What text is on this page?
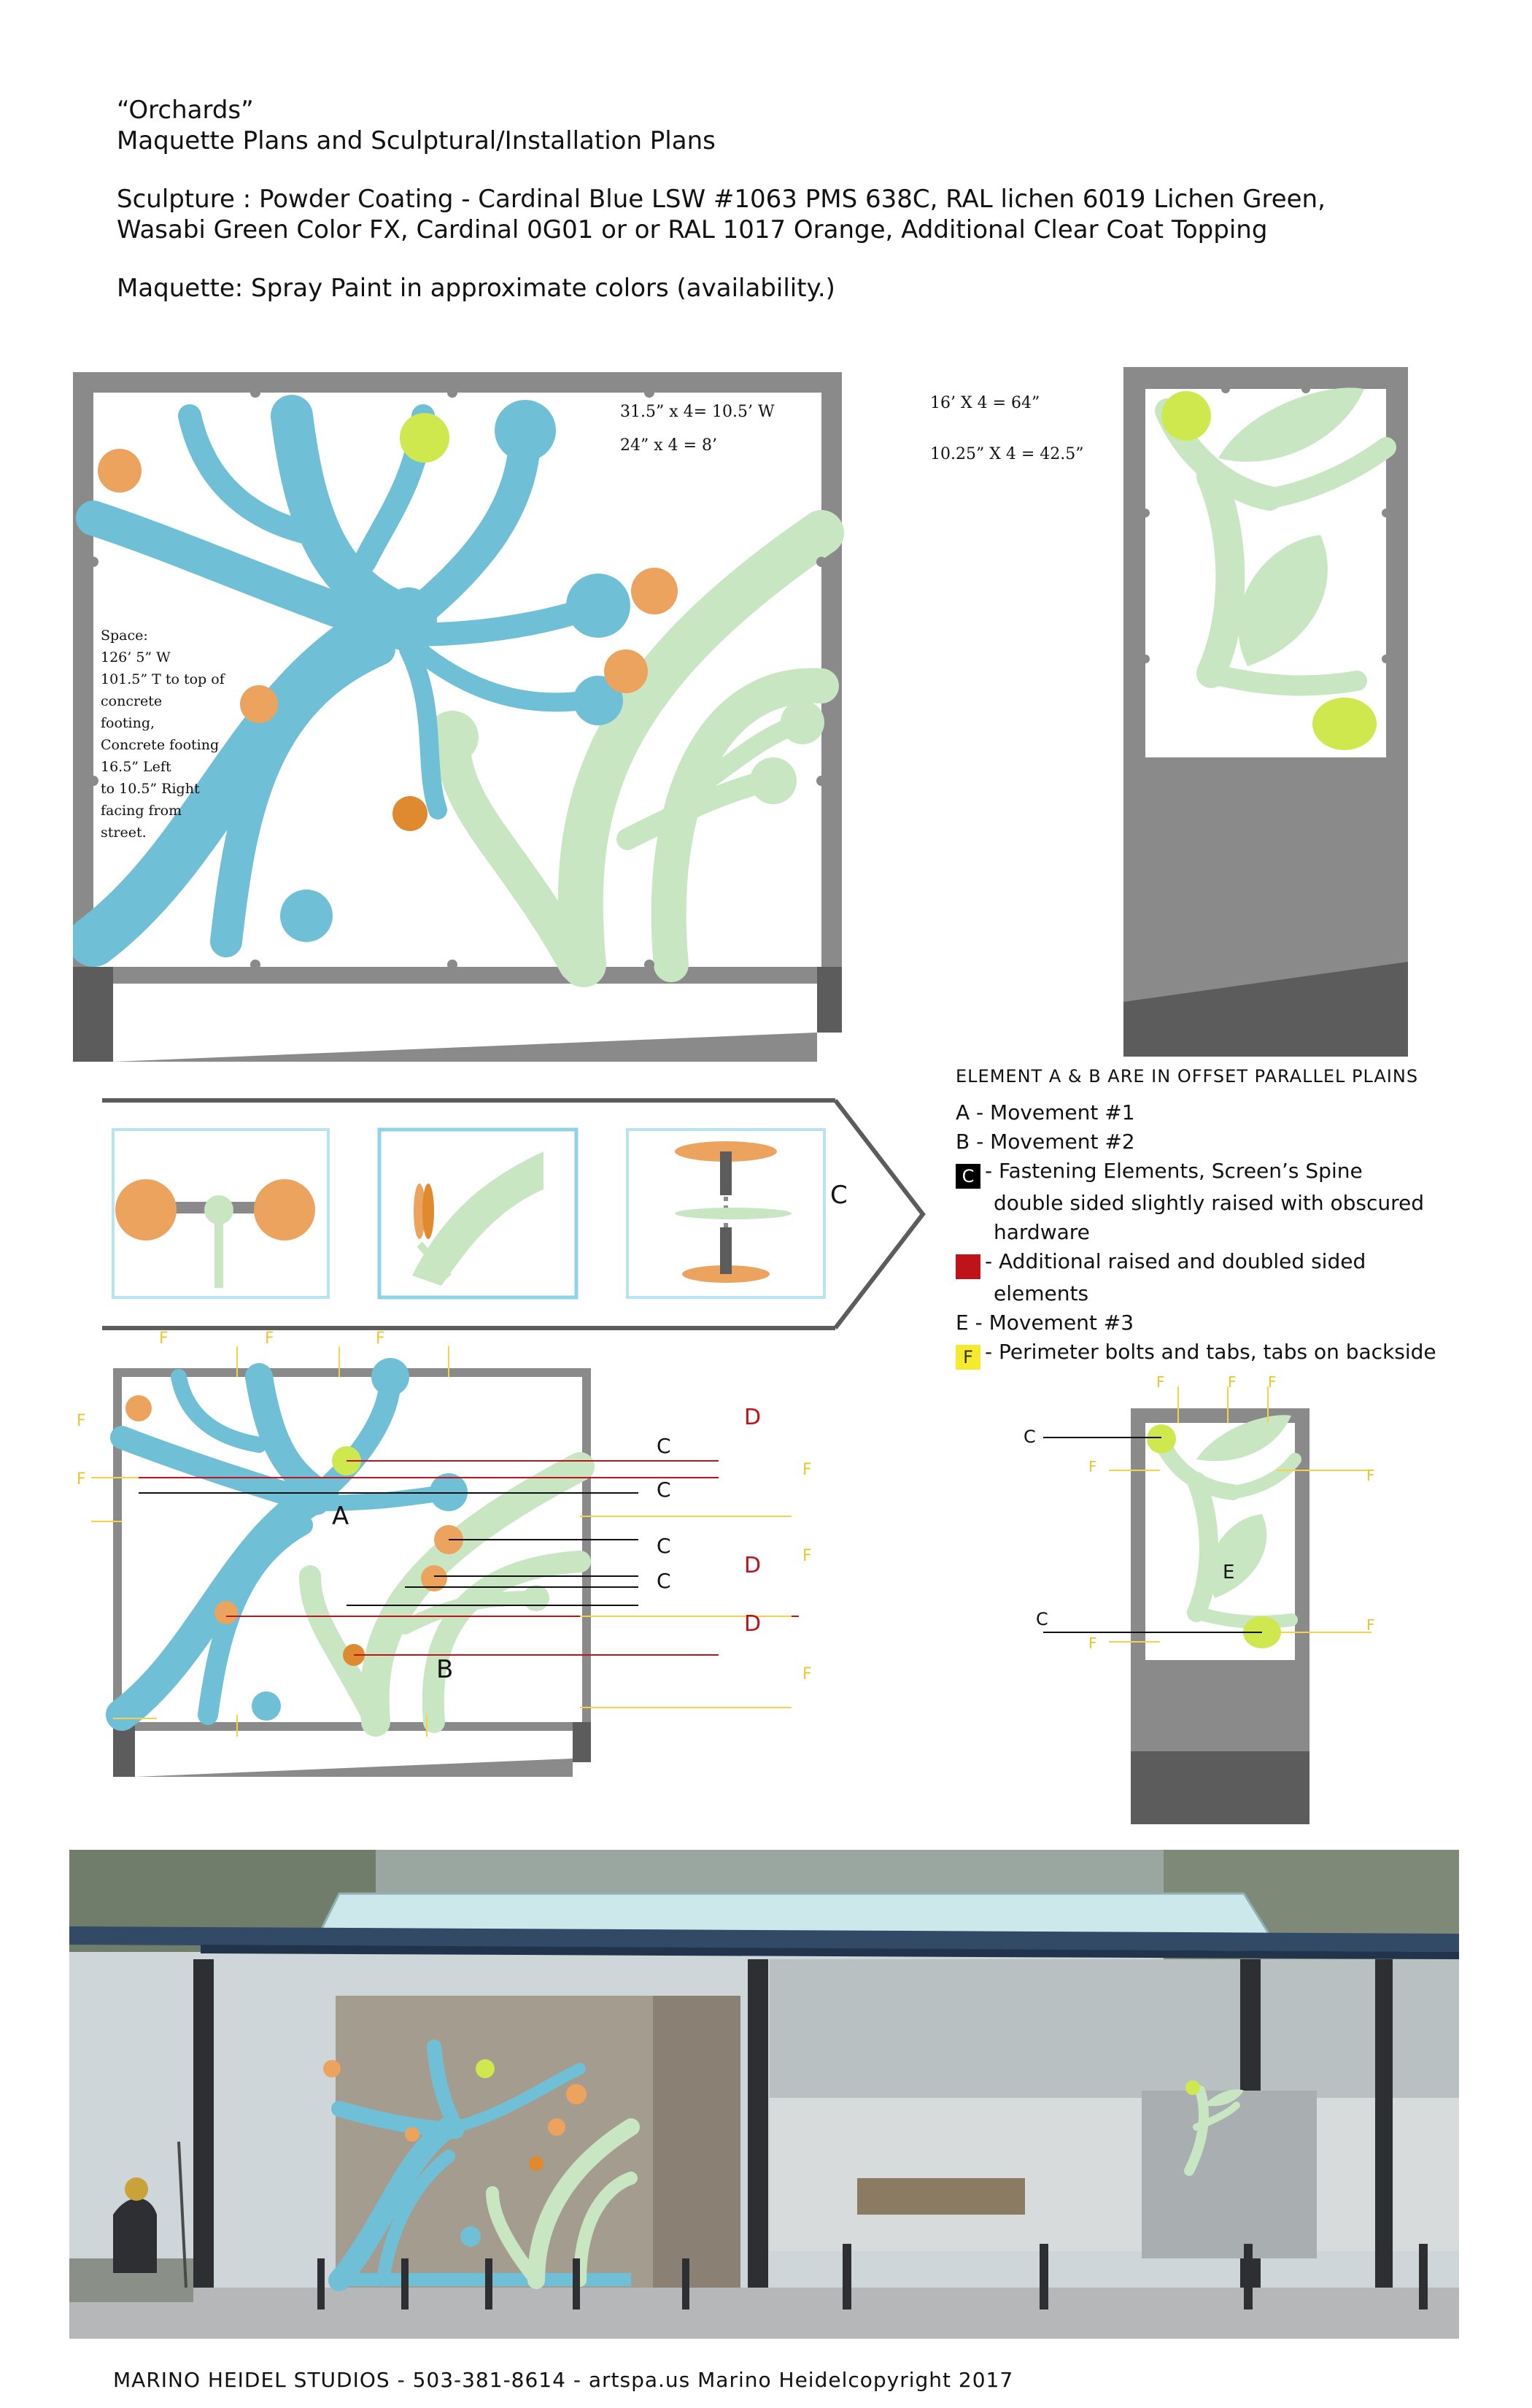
“Orchards”
Maquette Plans and Sculptural/Installation Plans
Sculpture : Powder Coating - Cardinal Blue LSW #1063 PMS 638C, RAL lichen 6019 Lichen Green,
Wasabi Green Color FX, Cardinal 0G01 or or RAL 1017 Orange, Additional Clear Coat Topping
Maquette: Spray Paint in approximate colors (availability.)
31.5” x 4= 10.5’ W
24” x 4 = 8’
Space:
126’ 5” W
101.5” T to top of
concrete
footing,
Concrete footing
16.5” Left
to 10.5” Right
facing from
street.
16’ X 4 = 64”
10.25” X 4 = 42.5”
C
ELEMENT A & B ARE IN OFFSET PARALLEL PLAINS
A - Movement #1
B - Movement #2
C - Fastening Elements, Screen’s Spine
double sided slightly raised with obscured
hardware
D - Additional raised and doubled sided
elements
E - Movement #3
F - Perimeter bolts and tabs, tabs on backside
A
B
D
D
D
C
C
C
C
F	F	F
F
F
F
F
F
E
C
C
F	F F
F
F
F
F
MARINO HEIDEL STUDIOS - 503-381-8614 - artspa.us Marino Heidelcopyright 2017
